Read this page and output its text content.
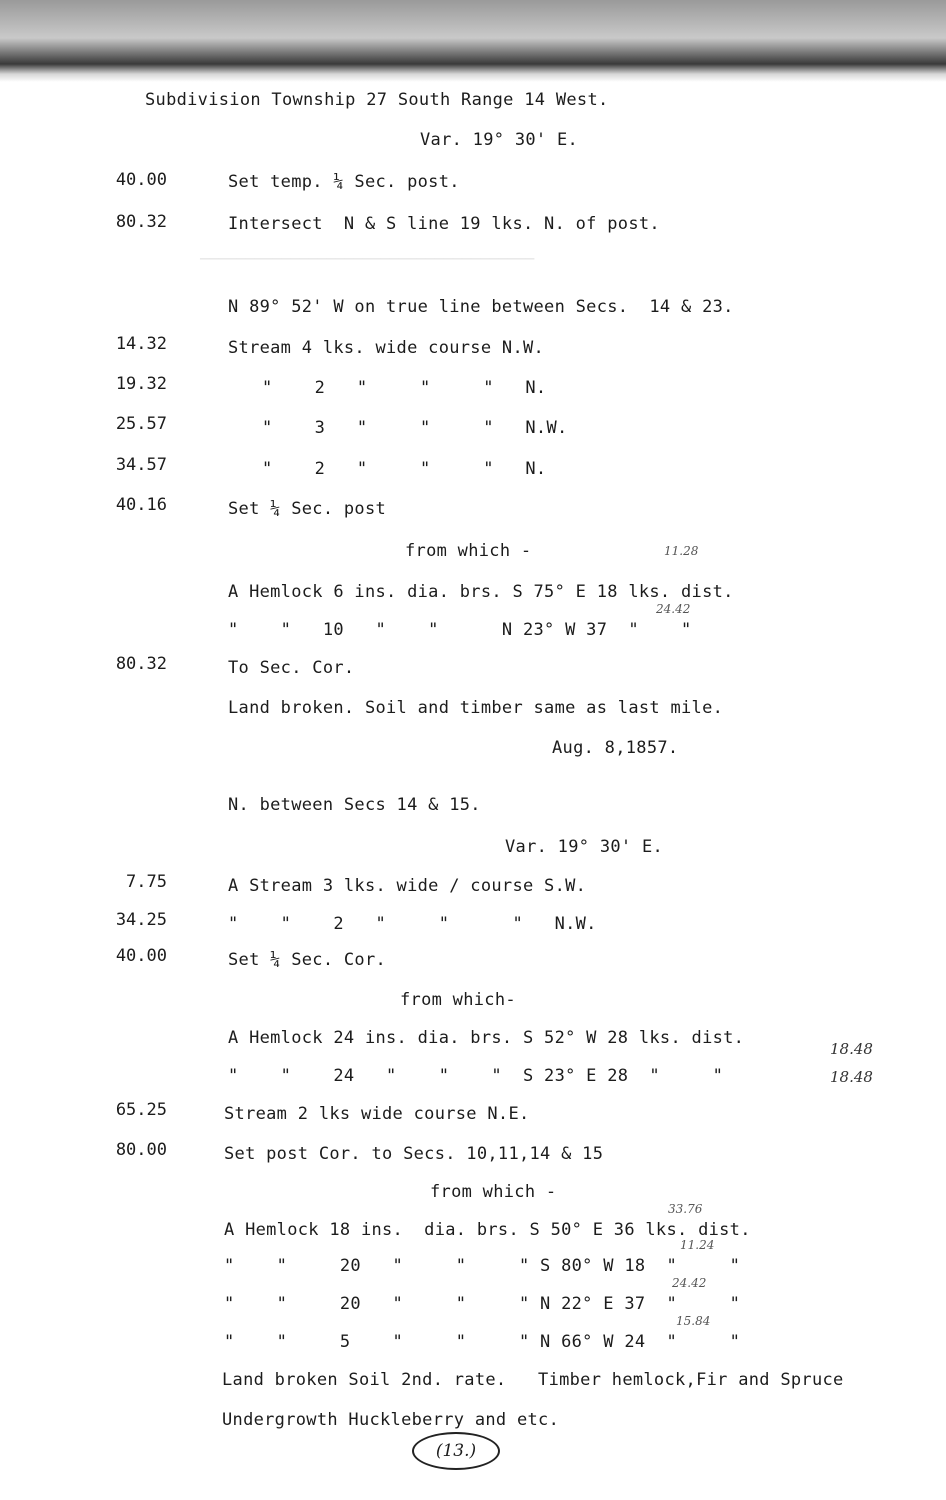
─────────────────────────────────────
Subdivision Township 27 South Range 14 West.
Var. 19° 30' E.
40.00	Set temp. ¼ Sec. post.
80.32	Intersect  N & S line 19 lks. N. of post.
N 89° 52' W on true line between Secs.  14 & 23.
14.32	Stream 4 lks. wide course N.W.
19.32	"    2   "     "     "   N.
25.57	"    3   "     "     "   N.W.
34.57	"    2   "     "     "   N.
40.16	Set ¼ Sec. post
from which -	11.28
A Hemlock 6 ins. dia. brs. S 75° E 18 lks. dist.
24.42
"    "   10   "    "      N 23° W 37  "    "
80.32	To Sec. Cor.
Land broken. Soil and timber same as last mile.
Aug. 8,1857.
N. between Secs 14 & 15.
Var. 19° 30' E.
7.75	A Stream 3 lks. wide / course S.W.
34.25	"    "    2   "     "      "   N.W.
40.00	Set ¼ Sec. Cor.
from which-
A Hemlock 24 ins. dia. brs. S 52° W 28 lks. dist.
18.48
"    "    24   "    "    "  S 23° E 28  "     "	18.48
65.25	Stream 2 lks wide course N.E.
80.00	Set post Cor. to Secs. 10,11,14 & 15
from which -
33.76
A Hemlock 18 ins.  dia. brs. S 50° E 36 lks. dist.
11.24
"    "     20   "     "     " S 80° W 18  "     "
24.42
"    "     20   "     "     " N 22° E 37  "     "
15.84
"    "     5    "     "     " N 66° W 24  "     "
Land broken Soil 2nd. rate.   Timber hemlock,Fir and Spruce
Undergrowth Huckleberry and etc.
(13.)
